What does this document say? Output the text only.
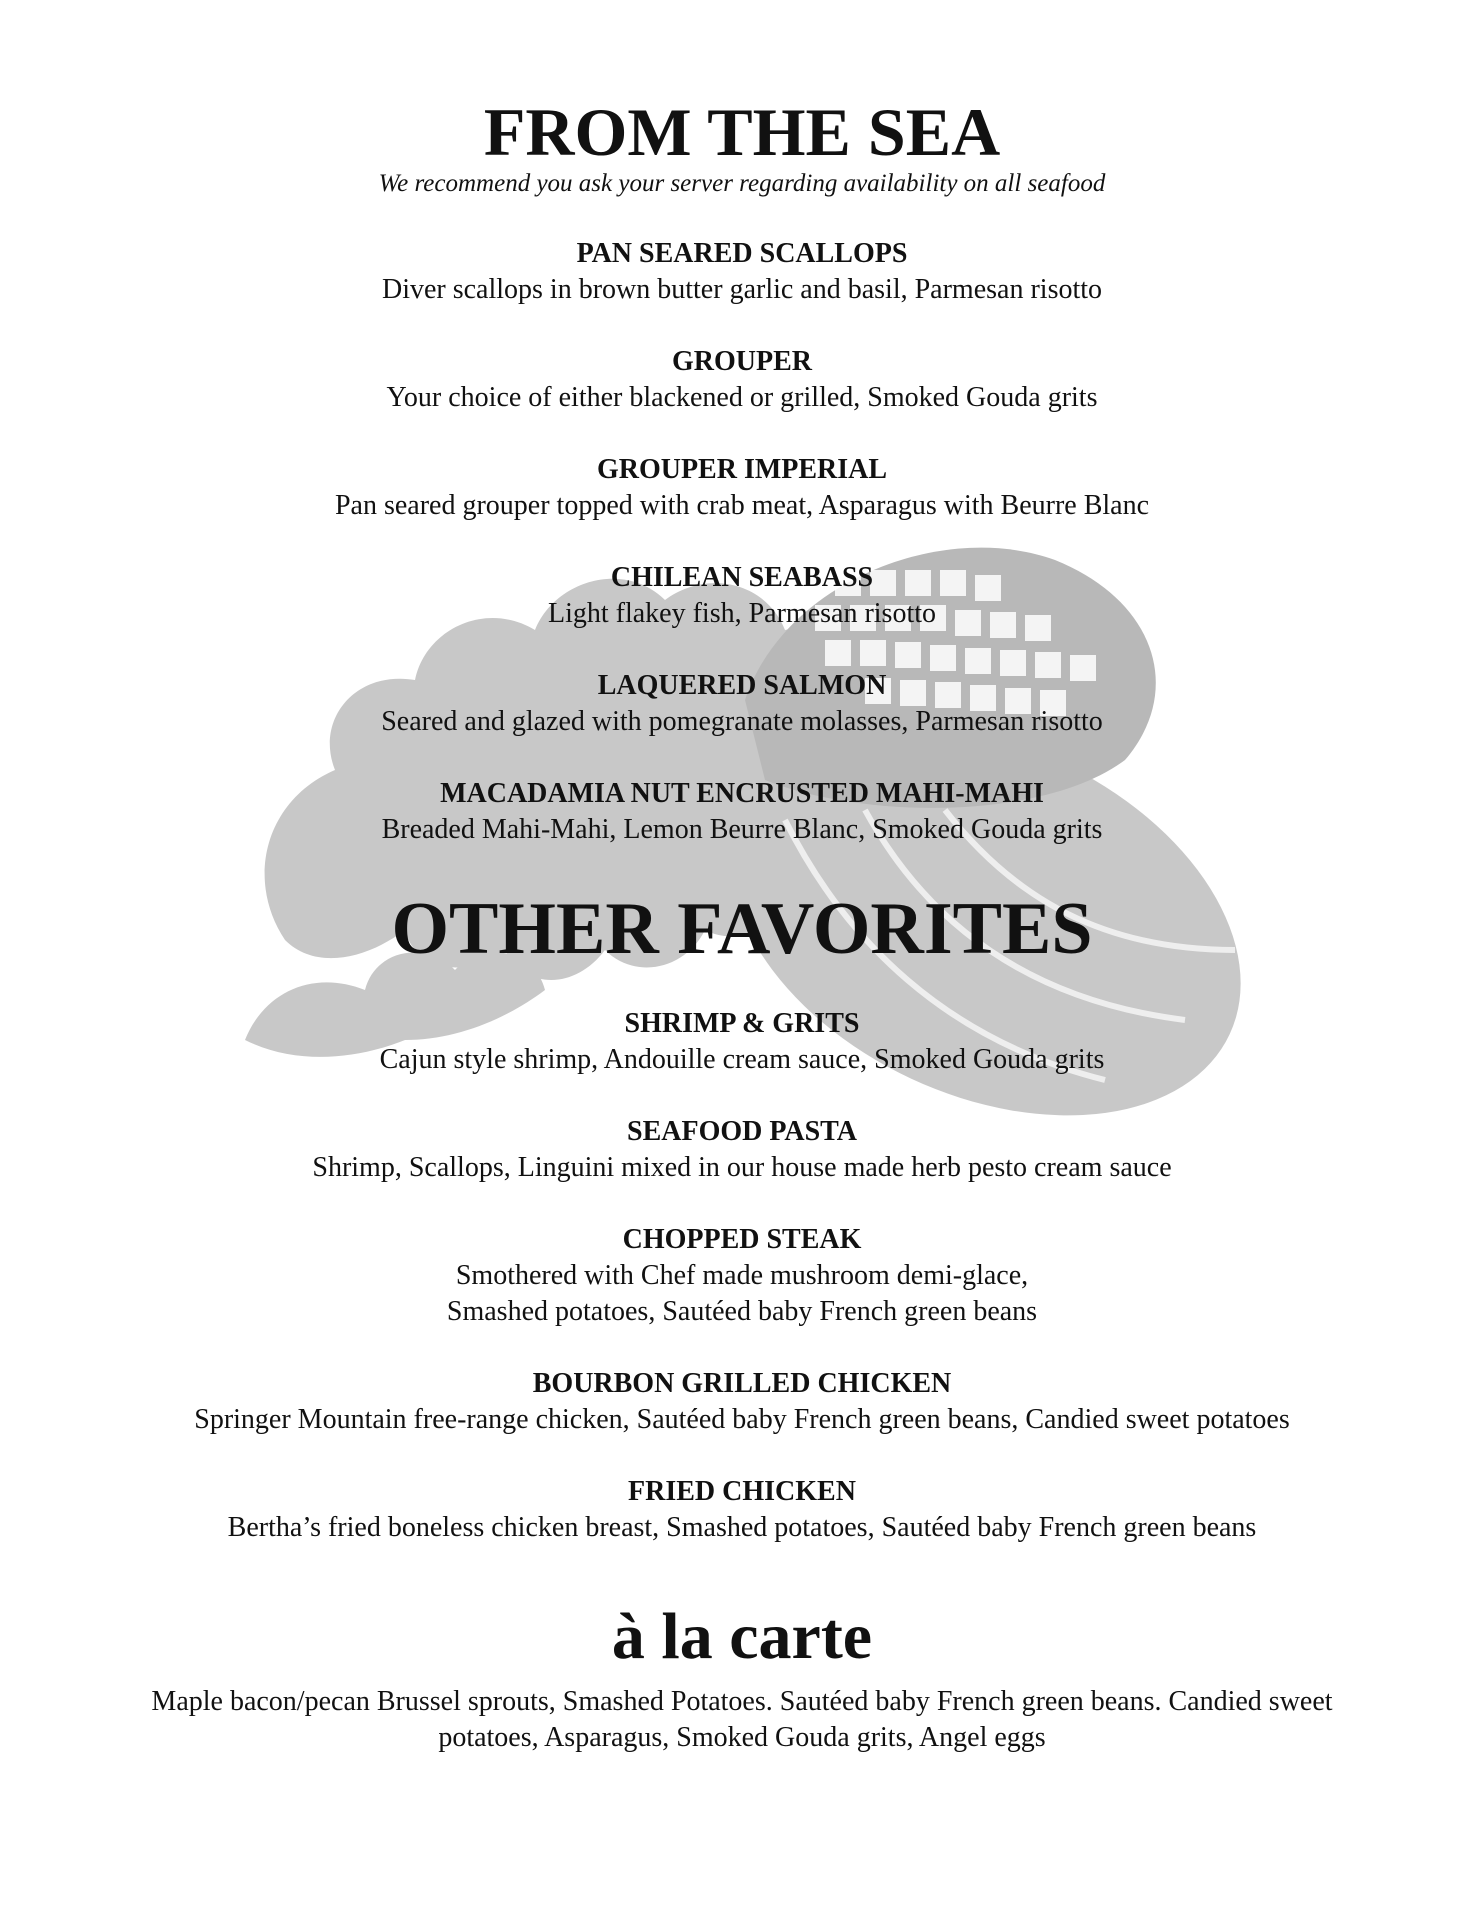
FROM THE SEA
We recommend you ask your server regarding availability on all seafood
PAN SEARED SCALLOPS
Diver scallops in brown butter garlic and basil, Parmesan risotto
GROUPER
Your choice of either blackened or grilled, Smoked Gouda grits
GROUPER IMPERIAL
Pan seared grouper topped with crab meat, Asparagus with Beurre Blanc
CHILEAN SEABASS
Light flakey fish, Parmesan risotto
LAQUERED SALMON
Seared and glazed with pomegranate molasses, Parmesan risotto
MACADAMIA NUT ENCRUSTED MAHI-MAHI
Breaded Mahi-Mahi, Lemon Beurre Blanc, Smoked Gouda grits
OTHER FAVORITES
SHRIMP & GRITS
Cajun style shrimp, Andouille cream sauce, Smoked Gouda grits
SEAFOOD PASTA
Shrimp, Scallops, Linguini mixed in our house made herb pesto cream sauce
CHOPPED STEAK
Smothered with Chef made mushroom demi-glace,
Smashed potatoes, Sautéed baby French green beans
BOURBON GRILLED CHICKEN
Springer Mountain free-range chicken, Sautéed baby French green beans, Candied sweet potatoes
FRIED CHICKEN
Bertha’s fried boneless chicken breast, Smashed potatoes, Sautéed baby French green beans
à la carte
Maple bacon/pecan Brussel sprouts, Smashed Potatoes. Sautéed baby French green beans. Candied sweet potatoes, Asparagus, Smoked Gouda grits, Angel eggs
